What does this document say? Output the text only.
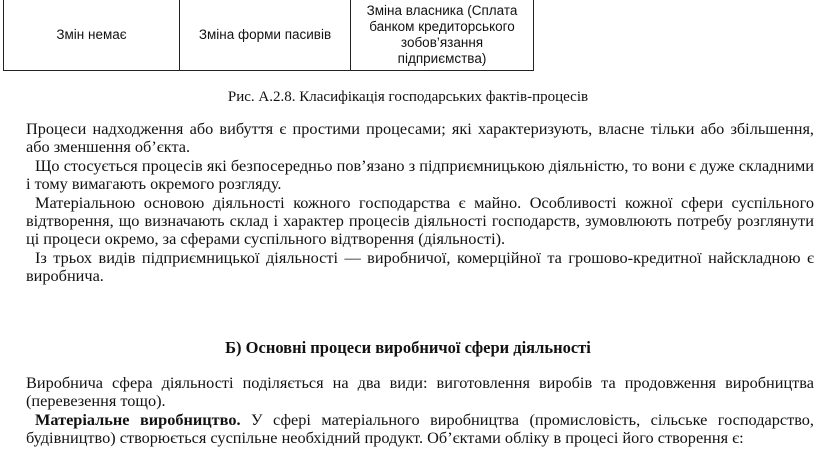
Змін немає	Зміна форми пасивів	Зміна власника (Сплата банком кредиторського зобов’язання підприємства)
Рис. А.2.8. Класифікація господарських фактів-процесів

Процеси надходження або вибуття є простими процесами; які характеризують, власне тільки або збільшення, або зменшення об’єкта.

Що стосується процесів які безпосередньо пов’язано з підприємницькою діяльністю, то вони є дуже складними і тому вимагають окремого розгляду.

Матеріальною основою діяльності кожного господарства є майно. Особливості кожної сфери суспільного відтворення, що визначають склад і характер процесів діяльності господарств, зумовлюють потребу розглянути ці процеси окремо, за сферами суспільного відтворення (діяльності).

Із трьох видів підприємницької діяльності — виробничої, комерційної та грошово-кредитної найскладною є виробнича.

Б) Основні процеси виробничої сфери діяльності

Виробнича сфера діяльності поділяється на два види: виготовлення виробів та продовження виробництва (перевезення тощо).

Матеріальне виробництво. У сфері матеріального виробництва (промисловість, сільське господарство, будівництво) створюється суспільне необхідний продукт. Об’єктами обліку в процесі його створення є:
